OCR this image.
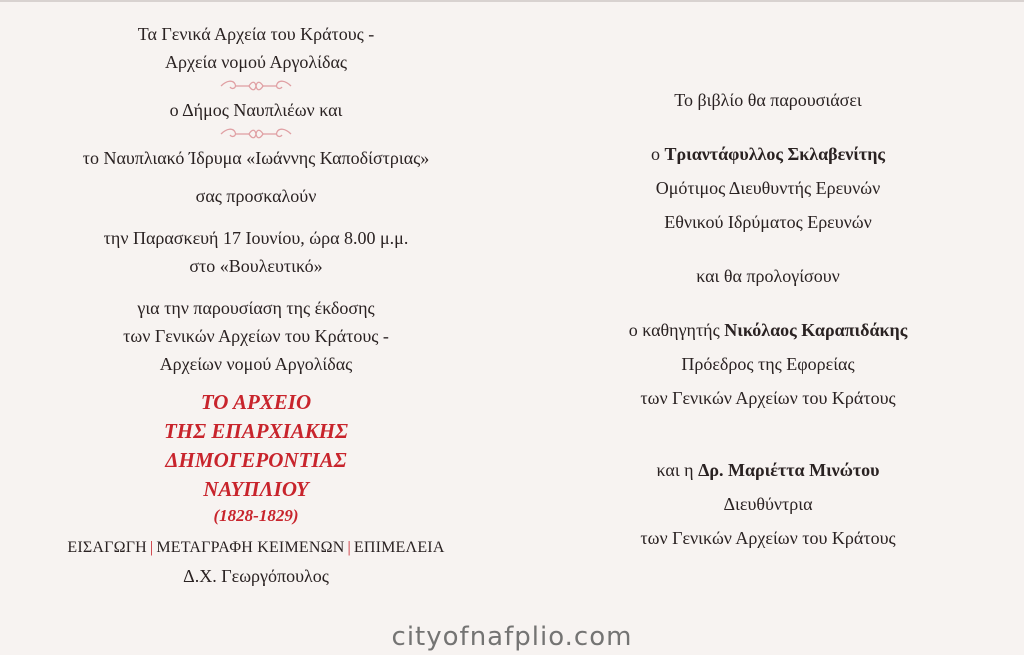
Τα Γενικά Αρχεία του Κράτους -
Αρχεία νομού Αργολίδας
ο Δήμος Ναυπλιέων και
το Ναυπλιακό Ίδρυμα «Ιωάννης Καποδίστριας»
σας προσκαλούν
την Παρασκευή 17 Ιουνίου, ώρα 8.00 μ.μ.
στο «Βουλευτικό»
για την παρουσίαση της έκδοσης
των Γενικών Αρχείων του Κράτους -
Αρχείων νομού Αργολίδας
ΤΟ ΑΡΧΕΙΟ
ΤΗΣ ΕΠΑΡΧΙΑΚΗΣ
ΔΗΜΟΓΕΡΟΝΤΙΑΣ
ΝΑΥΠΛΙΟΥ
(1828-1829)
ΕΙΣΑΓΩΓΗ | ΜΕΤΑΓΡΑΦΗ ΚΕΙΜΕΝΩΝ | ΕΠΙΜΕΛΕΙΑ
Δ.Χ. Γεωργόπουλος
Το βιβλίο θα παρουσιάσει
ο Τριαντάφυλλος Σκλαβενίτης
Ομότιμος Διευθυντής Ερευνών
Εθνικού Ιδρύματος Ερευνών
και θα προλογίσουν
ο καθηγητής Νικόλαος Καραπιδάκης
Πρόεδρος της Εφορείας
των Γενικών Αρχείων του Κράτους
και η Δρ. Μαριέττα Μινώτου
Διευθύντρια
των Γενικών Αρχείων του Κράτους
cityofnafplio.com
